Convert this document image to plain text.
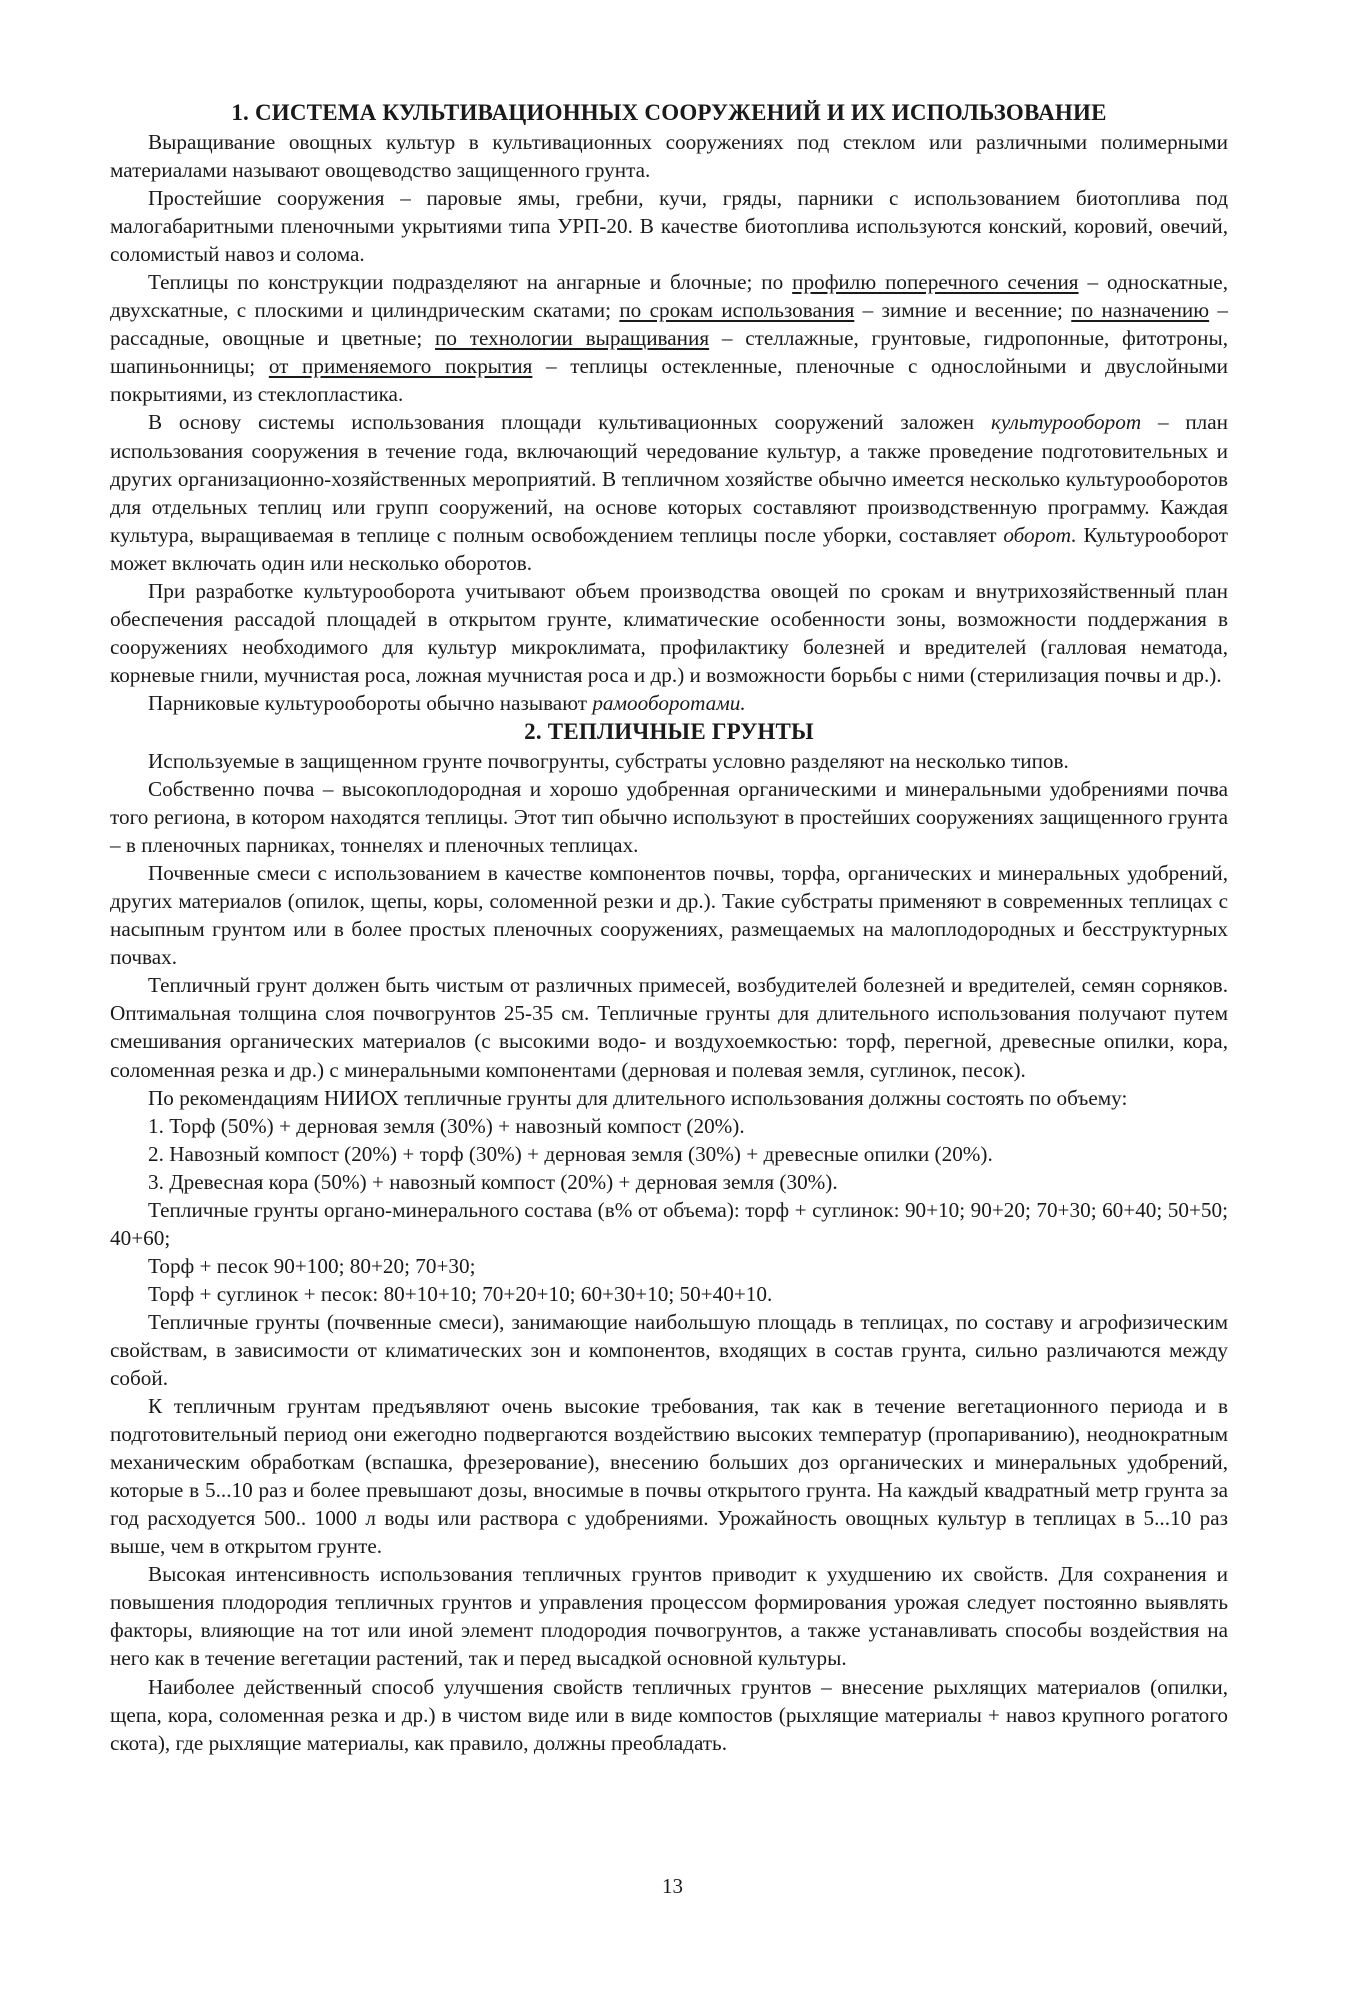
1. СИСТЕМА КУЛЬТИВАЦИОННЫХ СООРУЖЕНИЙ И ИХ ИСПОЛЬЗОВАНИЕ

Выращивание овощных культур в культивационных сооружениях под стеклом или различными полимерными материалами называют овощеводство защищенного грунта.

Простейшие сооружения – паровые ямы, гребни, кучи, гряды, парники с использованием биотоплива под малогабаритными пленочными укрытиями типа УРП-20. В качестве биотоплива используются конский, коровий, овечий, соломистый навоз и солома.

Теплицы по конструкции подразделяют на ангарные и блочные; по профилю поперечного сечения – односкатные, двухскатные, с плоскими и цилиндрическим скатами; по срокам использования – зимние и весенние; по назначению – рассадные, овощные и цветные; по технологии выращивания – стеллажные, грунтовые, гидропонные, фитотроны, шапиньонницы; от применяемого покрытия – теплицы остекленные, пленочные с однослойными и двуслойными покрытиями, из стеклопластика.

В основу системы использования площади культивационных сооружений заложен культурооборот – план использования сооружения в течение года, включающий чередование культур, а также проведение подготовительных и других организационно-хозяйственных мероприятий. В тепличном хозяйстве обычно имеется несколько культурооборотов для отдельных теплиц или групп сооружений, на основе которых составляют производственную программу. Каждая культура, выращиваемая в теплице с полным освобождением теплицы после уборки, составляет оборот. Культурооборот может включать один или несколько оборотов.

При разработке культурооборота учитывают объем производства овощей по срокам и внутрихозяйственный план обеспечения рассадой площадей в открытом грунте, климатические особенности зоны, возможности поддержания в сооружениях необходимого для культур микроклимата, профилактику болезней и вредителей (галловая нематода, корневые гнили, мучнистая роса, ложная мучнистая роса и др.) и возможности борьбы с ними (стерилизация почвы и др.).

Парниковые культурообороты обычно называют рамооборотами.

2. ТЕПЛИЧНЫЕ ГРУНТЫ

Используемые в защищенном грунте почвогрунты, субстраты условно разделяют на несколько типов.

Собственно почва – высокоплодородная и хорошо удобренная органическими и минеральными удобрениями почва того региона, в котором находятся теплицы. Этот тип обычно используют в простейших сооружениях защищенного грунта – в пленочных парниках, тоннелях и пленочных теплицах.

Почвенные смеси с использованием в качестве компонентов почвы, торфа, органических и минеральных удобрений, других материалов (опилок, щепы, коры, соломенной резки и др.). Такие субстраты применяют в современных теплицах с насыпным грунтом или в более простых пленочных сооружениях, размещаемых на малоплодородных и бесструктурных почвах.

Тепличный грунт должен быть чистым от различных примесей, возбудителей болезней и вредителей, семян сорняков. Оптимальная толщина слоя почвогрунтов 25-35 см. Тепличные грунты для длительного использования получают путем смешивания органических материалов (с высокими водо- и воздухоемкостью: торф, перегной, древесные опилки, кора, соломенная резка и др.) с минеральными компонентами (дерновая и полевая земля, суглинок, песок).

По рекомендациям НИИОХ тепличные грунты для длительного использования должны состоять по объему:

1. Торф (50%) + дерновая земля (30%) + навозный компост (20%).

2. Навозный компост (20%) + торф (30%) + дерновая земля (30%) + древесные опилки (20%).

3. Древесная кора (50%) + навозный компост (20%) + дерновая земля (30%).

Тепличные грунты органо-минерального состава (в% от объема): торф + суглинок: 90+10; 90+20; 70+30; 60+40; 50+50; 40+60;

Торф + песок 90+100; 80+20; 70+30;

Торф + суглинок + песок: 80+10+10; 70+20+10; 60+30+10; 50+40+10.

Тепличные грунты (почвенные смеси), занимающие наибольшую площадь в теплицах, по составу и агрофизическим свойствам, в зависимости от климатических зон и компонентов, входящих в состав грунта, сильно различаются между собой.

К тепличным грунтам предъявляют очень высокие требования, так как в течение вегетационного периода и в подготовительный период они ежегодно подвергаются воздействию высоких температур (пропариванию), неоднократным механическим обработкам (вспашка, фрезерование), внесению больших доз органических и минеральных удобрений, которые в 5...10 раз и более превышают дозы, вносимые в почвы открытого грунта. На каждый квадратный метр грунта за год расходуется 500.. 1000 л воды или раствора с удобрениями. Урожайность овощных культур в теплицах в 5...10 раз выше, чем в открытом грунте.

Высокая интенсивность использования тепличных грунтов приводит к ухудшению их свойств. Для сохранения и повышения плодородия тепличных грунтов и управления процессом формирования урожая следует постоянно выявлять факторы, влияющие на тот или иной элемент плодородия почвогрунтов, а также устанавливать способы воздействия на него как в течение вегетации растений, так и перед высадкой основной культуры.

Наиболее действенный способ улучшения свойств тепличных грунтов – внесение рыхлящих материалов (опилки, щепа, кора, соломенная резка и др.) в чистом виде или в виде компостов (рыхлящие материалы + навоз крупного рогатого скота), где рыхлящие материалы, как правило, должны преобладать.

13
